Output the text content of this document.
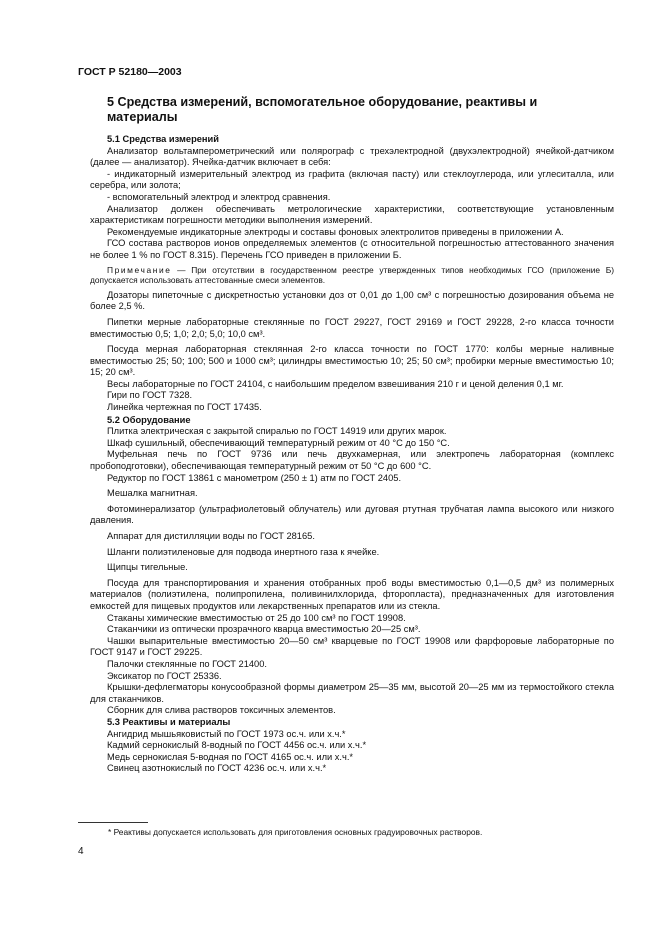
ГОСТ Р 52180—2003
5 Средства измерений, вспомогательное оборудование, реактивы и материалы

5.1 Средства измерений

Анализатор вольтамперометрический или полярограф с трехэлектродной (двухэлектродной) ячейкой-датчиком (далее — анализатор). Ячейка-датчик включает в себя:

- индикаторный измерительный электрод из графита (включая пасту) или стеклоуглерода, или углеситалла, или серебра, или золота;

- вспомогательный электрод и электрод сравнения.

Анализатор должен обеспечивать метрологические характеристики, соответствующие установленным характеристикам погрешности методики выполнения измерений.

Рекомендуемые индикаторные электроды и составы фоновых электролитов приведены в приложении А.

ГСО состава растворов ионов определяемых элементов (с относительной погрешностью аттестованного значения не более 1 % по ГОСТ 8.315). Перечень ГСО приведен в приложении Б.

Примечание — При отсутствии в государственном реестре утвержденных типов необходимых ГСО (приложение Б) допускается использовать аттестованные смеси элементов.

Дозаторы пипеточные с дискретностью установки доз от 0,01 до 1,00 см³ с погрешностью дозирования объема не более 2,5 %.

Пипетки мерные лабораторные стеклянные по ГОСТ 29227, ГОСТ 29169 и ГОСТ 29228, 2-го класса точности вместимостью 0,5; 1,0; 2,0; 5,0; 10,0 см³.

Посуда мерная лабораторная стеклянная 2-го класса точности по ГОСТ 1770: колбы мерные наливные вместимостью 25; 50; 100; 500 и 1000 см³; цилиндры вместимостью 10; 25; 50 см³; пробирки мерные вместимостью 10; 15; 20 см³.

Весы лабораторные по ГОСТ 24104, с наибольшим пределом взвешивания 210 г и ценой деления 0,1 мг.

Гири по ГОСТ 7328.

Линейка чертежная по ГОСТ 17435.

5.2 Оборудование

Плитка электрическая с закрытой спиралью по ГОСТ 14919 или других марок.

Шкаф сушильный, обеспечивающий температурный режим от 40 °С до 150 °С.

Муфельная печь по ГОСТ 9736 или печь двухкамерная, или электропечь лабораторная (комплекс пробоподготовки), обеспечивающая температурный режим от 50 °С до 600 °С.

Редуктор по ГОСТ 13861 с манометром (250 ± 1) атм по ГОСТ 2405.

Мешалка магнитная.

Фотоминерализатор (ультрафиолетовый облучатель) или дуговая ртутная трубчатая лампа высокого или низкого давления.

Аппарат для дистилляции воды по ГОСТ 28165.

Шланги полиэтиленовые для подвода инертного газа к ячейке.

Щипцы тигельные.

Посуда для транспортирования и хранения отобранных проб воды вместимостью 0,1—0,5 дм³ из полимерных материалов (полиэтилена, полипропилена, поливинилхлорида, фторопласта), предназначенных для изготовления емкостей для пищевых продуктов или лекарственных препаратов или из стекла.

Стаканы химические вместимостью от 25 до 100 см³ по ГОСТ 19908.

Стаканчики из оптически прозрачного кварца вместимостью 20—25 см³.

Чашки выпарительные вместимостью 20—50 см³ кварцевые по ГОСТ 19908 или фарфоровые лабораторные по ГОСТ 9147 и ГОСТ 29225.

Палочки стеклянные по ГОСТ 21400.

Эксикатор по ГОСТ 25336.

Крышки-дефлегматоры конусообразной формы диаметром 25—35 мм, высотой 20—25 мм из термостойкого стекла для стаканчиков.

Сборник для слива растворов токсичных элементов.

5.3 Реактивы и материалы

Ангидрид мышьяковистый по ГОСТ 1973 ос.ч. или х.ч.*

Кадмий сернокислый 8-водный по ГОСТ 4456 ос.ч. или х.ч.*

Медь сернокислая 5-водная по ГОСТ 4165 ос.ч. или х.ч.*

Свинец азотнокислый по ГОСТ 4236 ос.ч. или х.ч.*

* Реактивы допускается использовать для приготовления основных градуировочных растворов.
4
